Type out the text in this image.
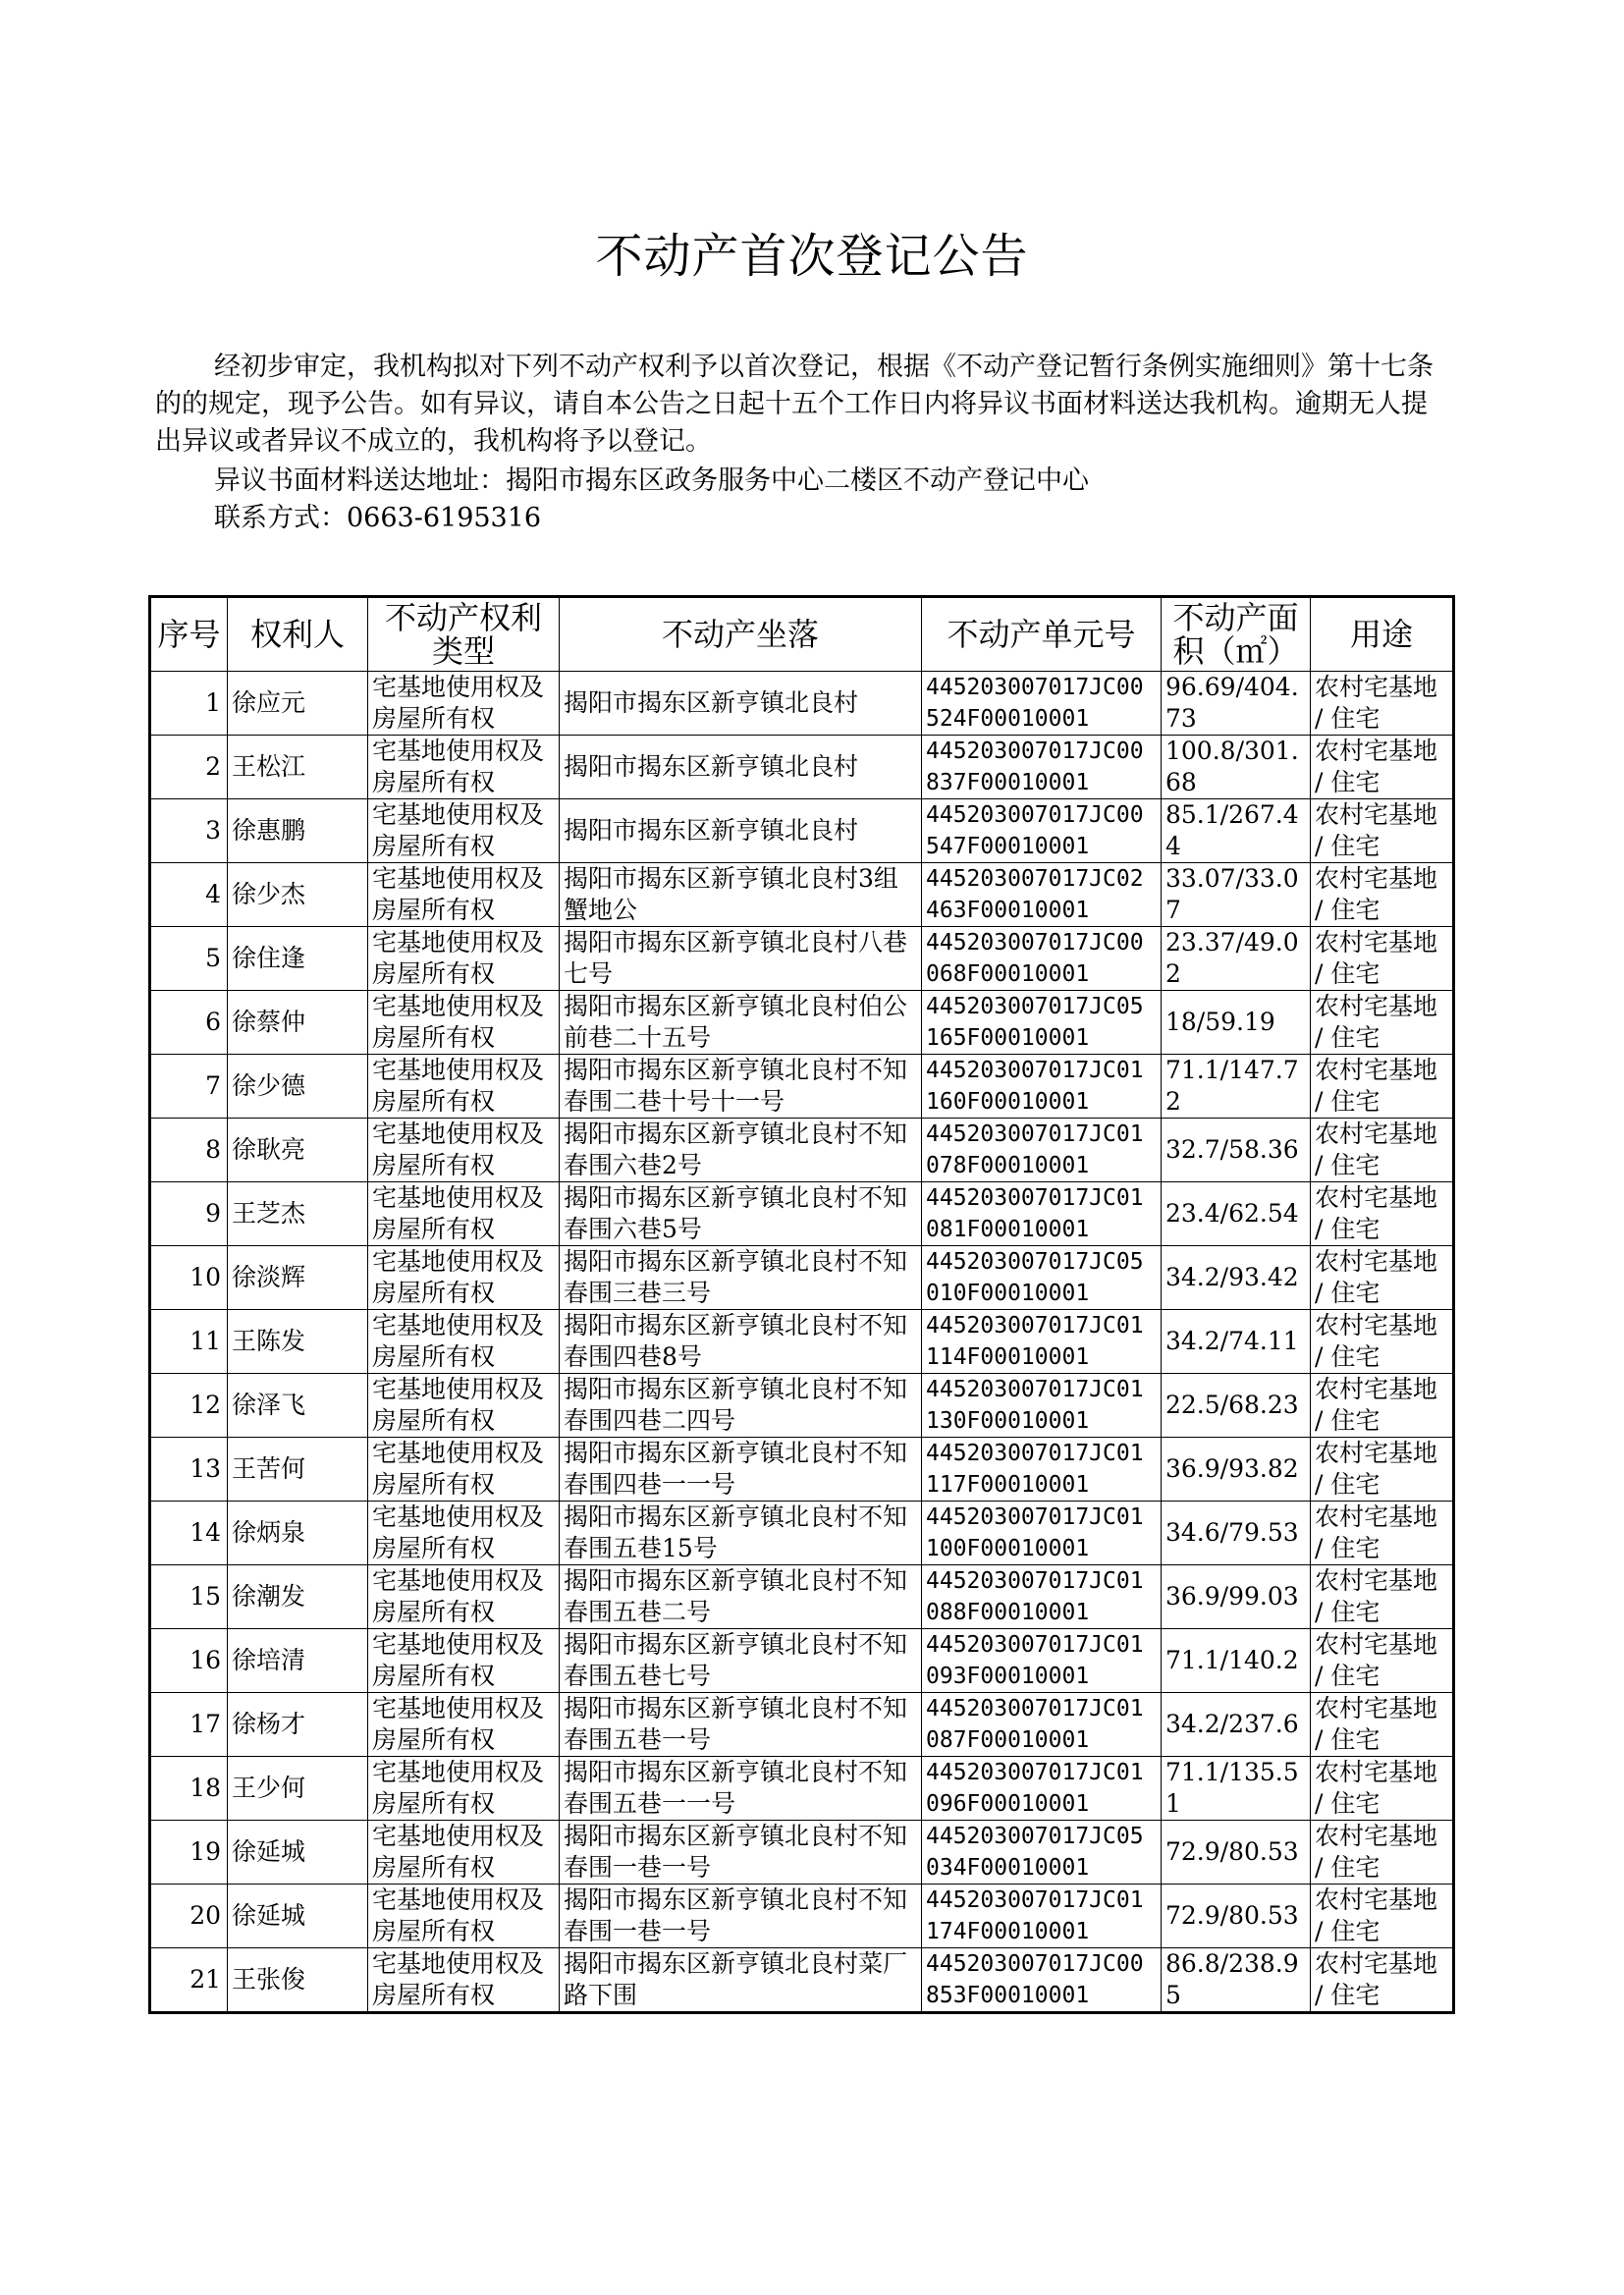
不动产首次登记公告

经初步审定，我机构拟对下列不动产权利予以首次登记，根据《不动产登记暂行条例实施细则》第十七条的的规定，现予公告。如有异议，请自本公告之日起十五个工作日内将异议书面材料送达我机构。逾期无人提出异议或者异议不成立的，我机构将予以登记。

异议书面材料送达地址：揭阳市揭东区政务服务中心二楼区不动产登记中心

联系方式：0663-6195316

序号	权利人	不动产权利类型	不动产坐落	不动产单元号	不动产面积（㎡）	用途
1	徐应元	宅基地使用权及房屋所有权	揭阳市揭东区新亨镇北良村	445203007017JC00524F00010001	96.69/404.73	农村宅基地 / 住宅
2	王松江	宅基地使用权及房屋所有权	揭阳市揭东区新亨镇北良村	445203007017JC00837F00010001	100.8/301.68	农村宅基地 / 住宅
3	徐惠鹏	宅基地使用权及房屋所有权	揭阳市揭东区新亨镇北良村	445203007017JC00547F00010001	85.1/267.44	农村宅基地 / 住宅
4	徐少杰	宅基地使用权及房屋所有权	揭阳市揭东区新亨镇北良村3组蟹地公	445203007017JC02463F00010001	33.07/33.07	农村宅基地 / 住宅
5	徐住逢	宅基地使用权及房屋所有权	揭阳市揭东区新亨镇北良村八巷七号	445203007017JC00068F00010001	23.37/49.02	农村宅基地 / 住宅
6	徐蔡仲	宅基地使用权及房屋所有权	揭阳市揭东区新亨镇北良村伯公前巷二十五号	445203007017JC05165F00010001	18/59.19	农村宅基地 / 住宅
7	徐少德	宅基地使用权及房屋所有权	揭阳市揭东区新亨镇北良村不知春围二巷十号十一号	445203007017JC01160F00010001	71.1/147.72	农村宅基地 / 住宅
8	徐耿亮	宅基地使用权及房屋所有权	揭阳市揭东区新亨镇北良村不知春围六巷2号	445203007017JC01078F00010001	32.7/58.36	农村宅基地 / 住宅
9	王芝杰	宅基地使用权及房屋所有权	揭阳市揭东区新亨镇北良村不知春围六巷5号	445203007017JC01081F00010001	23.4/62.54	农村宅基地 / 住宅
10	徐淡辉	宅基地使用权及房屋所有权	揭阳市揭东区新亨镇北良村不知春围三巷三号	445203007017JC05010F00010001	34.2/93.42	农村宅基地 / 住宅
11	王陈发	宅基地使用权及房屋所有权	揭阳市揭东区新亨镇北良村不知春围四巷8号	445203007017JC01114F00010001	34.2/74.11	农村宅基地 / 住宅
12	徐泽飞	宅基地使用权及房屋所有权	揭阳市揭东区新亨镇北良村不知春围四巷二四号	445203007017JC01130F00010001	22.5/68.23	农村宅基地 / 住宅
13	王苦何	宅基地使用权及房屋所有权	揭阳市揭东区新亨镇北良村不知春围四巷一一号	445203007017JC01117F00010001	36.9/93.82	农村宅基地 / 住宅
14	徐炳泉	宅基地使用权及房屋所有权	揭阳市揭东区新亨镇北良村不知春围五巷15号	445203007017JC01100F00010001	34.6/79.53	农村宅基地 / 住宅
15	徐潮发	宅基地使用权及房屋所有权	揭阳市揭东区新亨镇北良村不知春围五巷二号	445203007017JC01088F00010001	36.9/99.03	农村宅基地 / 住宅
16	徐培清	宅基地使用权及房屋所有权	揭阳市揭东区新亨镇北良村不知春围五巷七号	445203007017JC01093F00010001	71.1/140.2	农村宅基地 / 住宅
17	徐杨才	宅基地使用权及房屋所有权	揭阳市揭东区新亨镇北良村不知春围五巷一号	445203007017JC01087F00010001	34.2/237.6	农村宅基地 / 住宅
18	王少何	宅基地使用权及房屋所有权	揭阳市揭东区新亨镇北良村不知春围五巷一一号	445203007017JC01096F00010001	71.1/135.51	农村宅基地 / 住宅
19	徐延城	宅基地使用权及房屋所有权	揭阳市揭东区新亨镇北良村不知春围一巷一号	445203007017JC05034F00010001	72.9/80.53	农村宅基地 / 住宅
20	徐延城	宅基地使用权及房屋所有权	揭阳市揭东区新亨镇北良村不知春围一巷一号	445203007017JC01174F00010001	72.9/80.53	农村宅基地 / 住宅
21	王张俊	宅基地使用权及房屋所有权	揭阳市揭东区新亨镇北良村菜厂路下围	445203007017JC00853F00010001	86.8/238.95	农村宅基地 / 住宅
